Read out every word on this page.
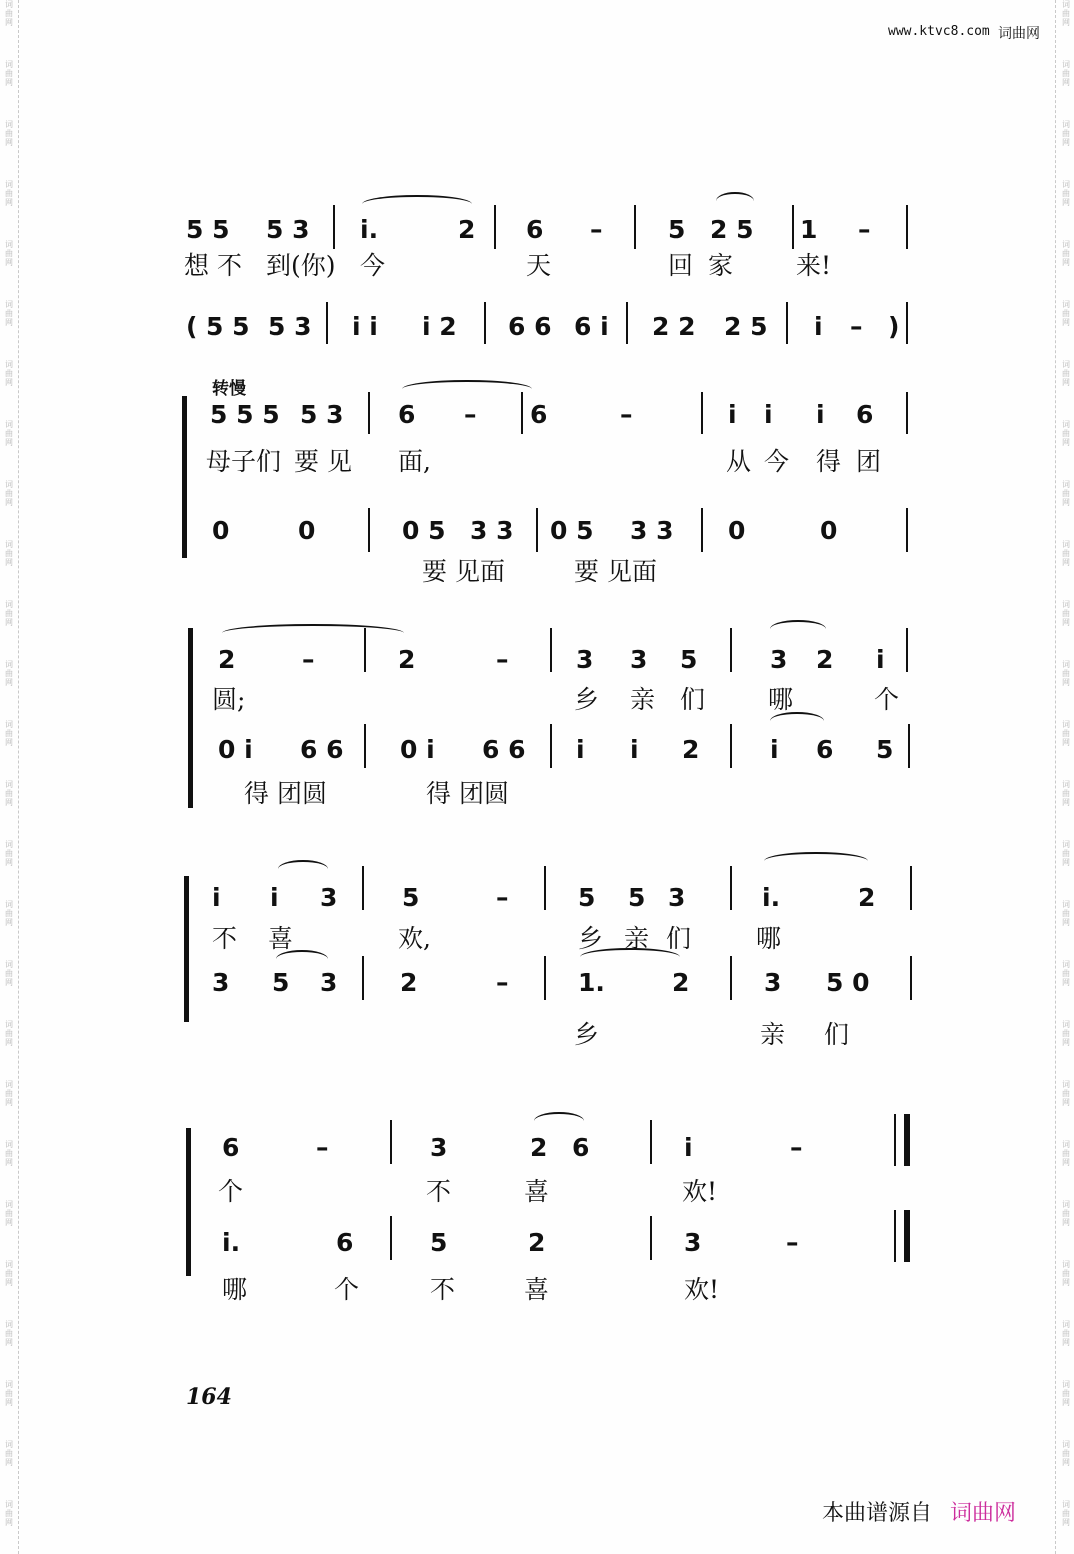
词
曲
网
词
曲
网
词
曲
网
词
曲
网
词
曲
网
词
曲
网
词
曲
网
词
曲
网
词
曲
网
词
曲
网
词
曲
网
词
曲
网
词
曲
网
词
曲
网
词
曲
网
词
曲
网
词
曲
网
词
曲
网
词
曲
网
词
曲
网
词
曲
网
词
曲
网
词
曲
网
词
曲
网
词
曲
网
词
曲
网
词
曲
网
词
曲
网
词
曲
网
词
曲
网
词
曲
网
词
曲
网
词
曲
网
词
曲
网
词
曲
网
词
曲
网
词
曲
网
词
曲
网
词
曲
网
词
曲
网
词
曲
网
词
曲
网
词
曲
网
词
曲
网
词
曲
网
词
曲
网
词
曲
网
词
曲
网
词
曲
网
词
曲
网
词
曲
网
词
曲
网
www.ktvc8.com 词曲网
转慢
5 5 5 3 i.	2 6 –	5 2 5 1 –
想 不 到(你) 今	天	回 家	来!
( 5 5 5 3 i i i 2 6 6 6 i 2 2 2 5 i – )
5 5 5 5 3 6 – 6	–	i i i 6
母子们 要 见 面,	从 今 得 团
0	0	0 5 3 3 0 5 3 3 0	0
要 见面	要 见面
2	–	2	–	3 3 5	3 2 i
圆;	乡 亲 们	哪	个
0 i 6 6 0 i 6 6 i i 2	i 6 5
得 团圆	得 团圆
i i 3	5	–	5 5 3	i.	2
不 喜	欢,	乡 亲 们	哪
3 5 3	2	–	1.	2	3 5 0
乡	亲 们
6	–	3	2 6	i	–
个	不	喜	欢!
i.	6	5	2	3	–
哪	个	不	喜	欢!
164
本曲谱源自 词曲网
